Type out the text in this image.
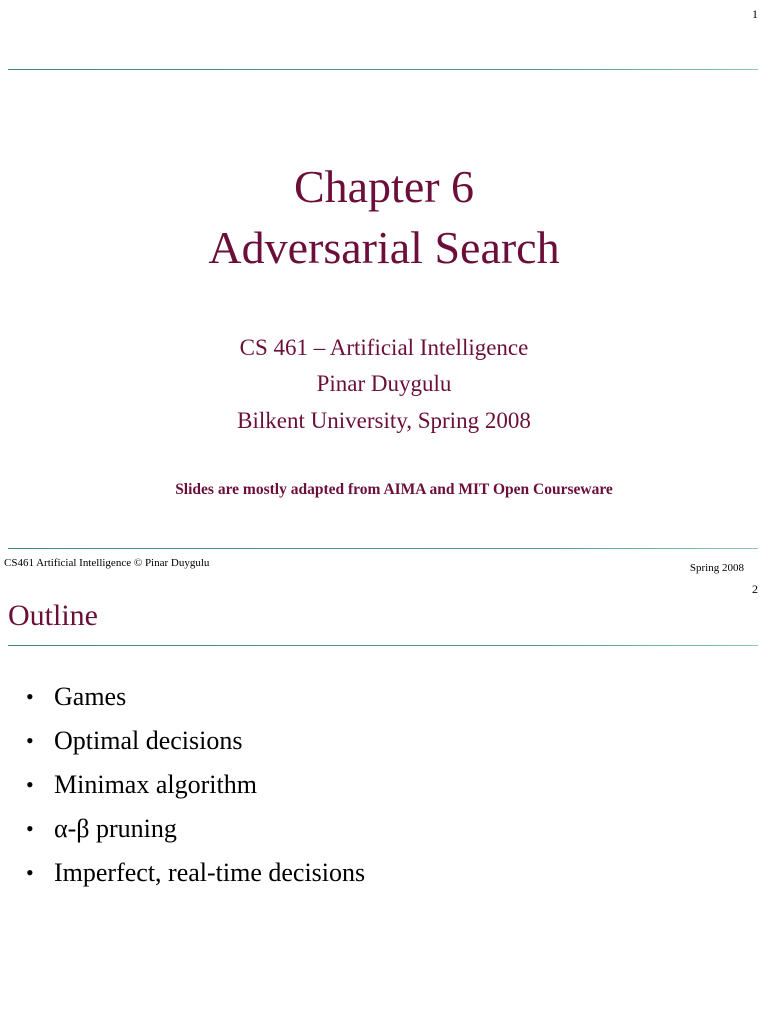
1
Chapter 6
Adversarial Search
CS 461 – Artificial Intelligence
Pinar Duygulu
Bilkent University, Spring 2008
Slides are mostly adapted from AIMA and MIT Open Courseware
CS461 Artificial Intelligence © Pinar Duygulu	Spring 2008
2
Outline
• Games
• Optimal decisions
• Minimax algorithm
• α-β pruning
• Imperfect, real-time decisions
